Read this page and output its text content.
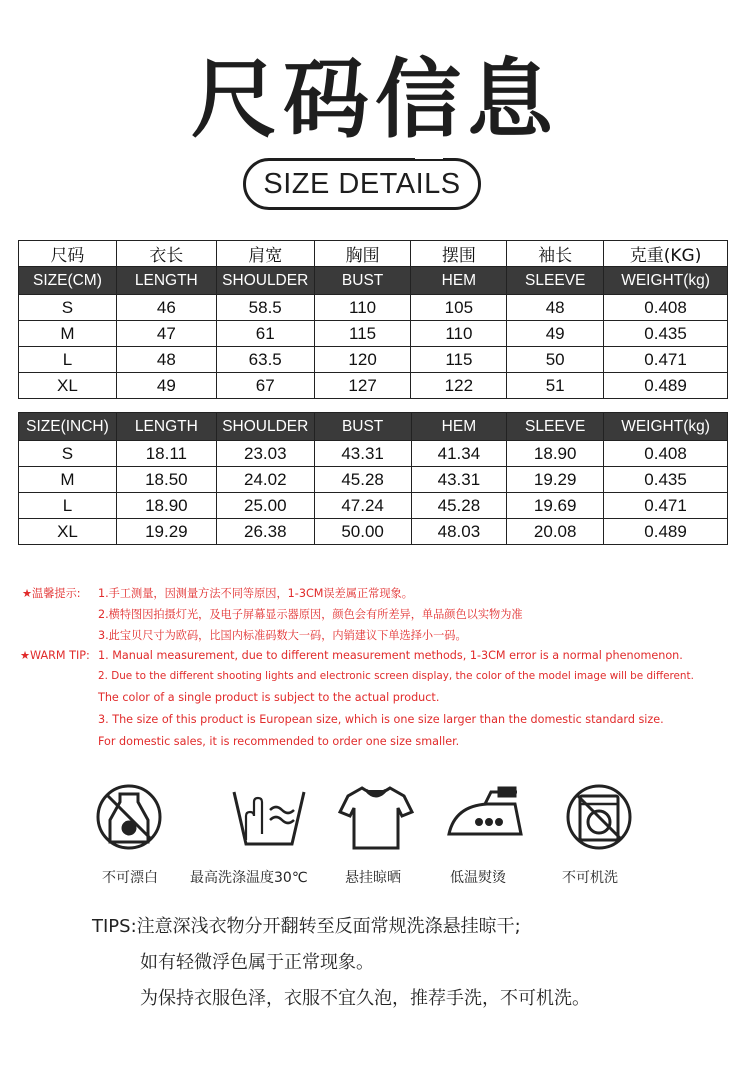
尺码信息
SIZE DETAILS
尺码	衣长	肩宽	胸围	摆围	袖长	克重(KG)
SIZE(CM)	LENGTH	SHOULDER	BUST	HEM	SLEEVE	WEIGHT(kg)
S	46	58.5	110	105	48	0.408
M	47	61	115	110	49	0.435
L	48	63.5	120	115	50	0.471
XL	49	67	127	122	51	0.489
SIZE(INCH)	LENGTH	SHOULDER	BUST	HEM	SLEEVE	WEIGHT(kg)
S	18.11	23.03	43.31	41.34	18.90	0.408
M	18.50	24.02	45.28	43.31	19.29	0.435
L	18.90	25.00	47.24	45.28	19.69	0.471
XL	19.29	26.38	50.00	48.03	20.08	0.489
★温馨提示: 1.手工测量，因测量方法不同等原因，1-3CM误差属正常现象。
2.横特图因拍摄灯光，及电子屏幕显示器原因，颜色会有所差异，单品颜色以实物为准
3.此宝贝尺寸为欧码，比国内标准码数大一码，内销建议下单选择小一码。
★WARM TIP: 1. Manual measurement, due to different measurement methods, 1-3CM error is a normal phenomenon.
2. Due to the different shooting lights and electronic screen display, the color of the model image will be different.
The color of a single product is subject to the actual product.
3. The size of this product is European size, which is one size larger than the domestic standard size.
For domestic sales, it is recommended to order one size smaller.
不可漂白 最高洗涤温度30℃	悬挂晾晒	低温熨烫	不可机洗
TIPS:注意深浅衣物分开翻转至反面常规洗涤悬挂晾干;
如有轻微浮色属于正常现象。
为保持衣服色泽，衣服不宜久泡，推荐手洗，不可机洗。
